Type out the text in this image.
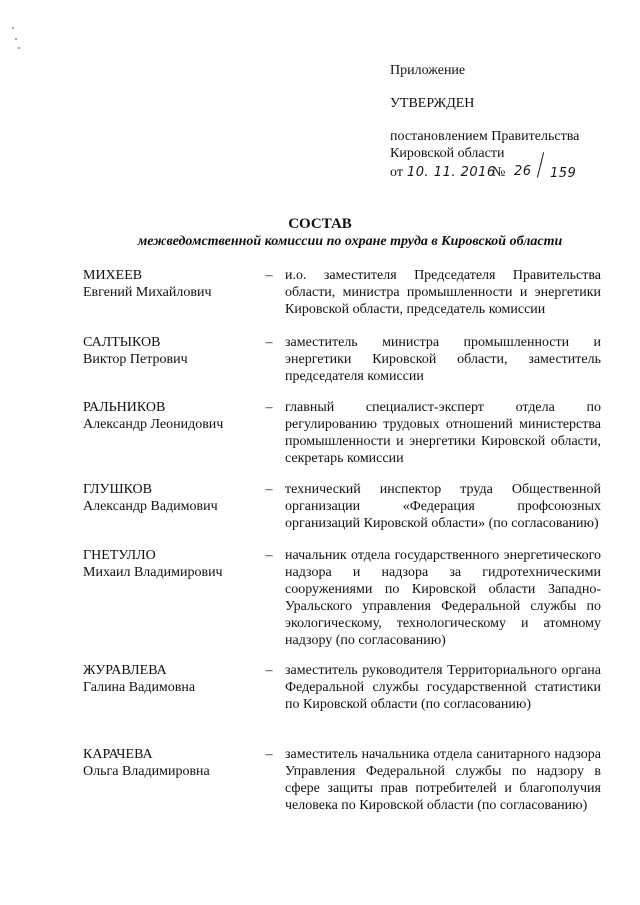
Приложение
УТВЕРЖДЕН
постановлением Правительства
Кировской области
от 10. 11. 2016
№ 26 159
СОСТАВ
межведомственной комиссии по охране труда в Кировской области
МИХЕЕВ
Евгений Михайлович
– и.о. заместителя Председателя Правительства области, министра промышленности и энергетики Кировской области, председатель комиссии
САЛТЫКОВ
Виктор Петрович
– заместитель министра промышленности и энергетики Кировской области, заместитель председателя комиссии
РАЛЬНИКОВ
Александр Леонидович
– главный специалист-эксперт отдела по регулированию трудовых отношений министерства промышленности и энергетики Кировской области, секретарь комиссии
ГЛУШКОВ
Александр Вадимович
– технический инспектор труда Общественной организации «Федерация профсоюзных организаций Кировской области» (по согласованию)
ГНЕТУЛЛО
Михаил Владимирович
– начальник отдела государственного энергетического надзора и надзора за гидротехническими сооружениями по Кировской области Западно-Уральского управления Федеральной службы по экологическому, технологическому и атомному надзору (по согласованию)
ЖУРАВЛЕВА
Галина Вадимовна
– заместитель руководителя Территориального органа Федеральной службы государственной статистики по Кировской области (по согласованию)
КАРАЧЕВА
Ольга Владимировна
– заместитель начальника отдела санитарного надзора Управления Федеральной службы по надзору в сфере защиты прав потребителей и благополучия человека по Кировской области (по согласованию)
